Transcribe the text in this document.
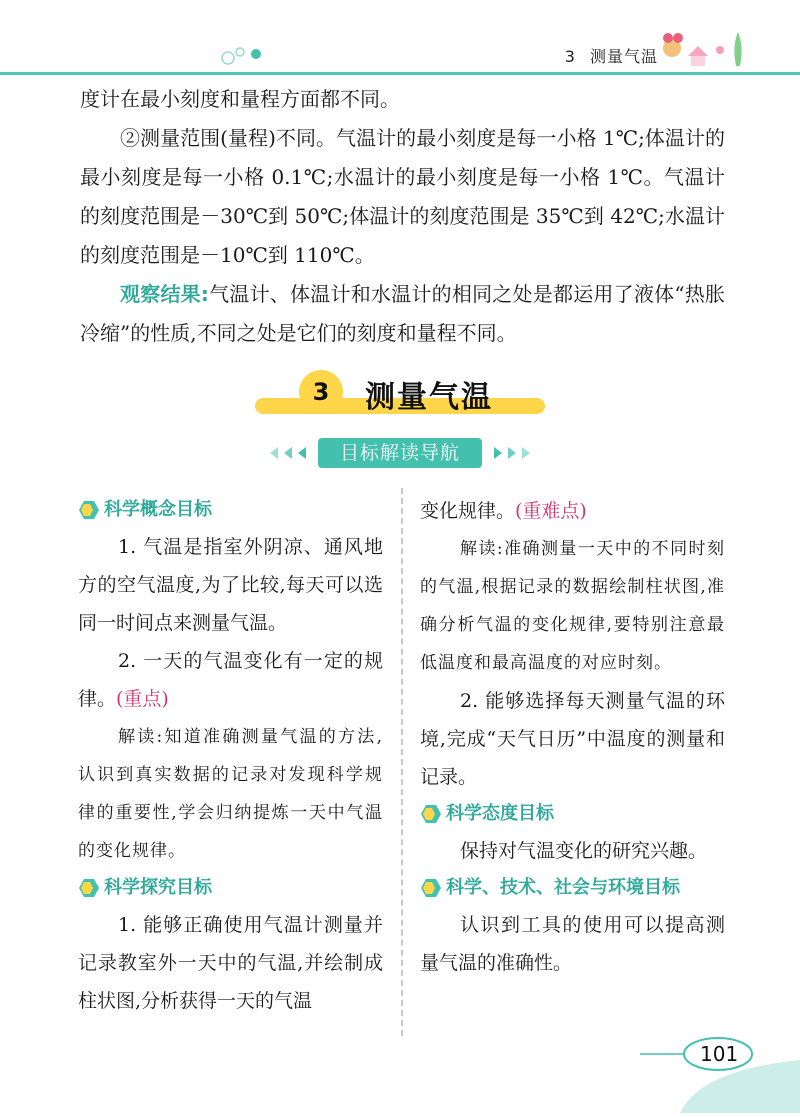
3 测量气温

度计在最小刻度和量程方面都不同。

②测量范围(量程)不同。气温计的最小刻度是每一小格 1℃;体温计的最小刻度是每一小格 0.1℃;水温计的最小刻度是每一小格 1℃。气温计的刻度范围是－30℃到 50℃;体温计的刻度范围是 35℃到 42℃;水温计的刻度范围是－10℃到 110℃。

观察结果:气温计、体温计和水温计的相同之处是都运用了液体“热胀冷缩”的性质,不同之处是它们的刻度和量程不同。

3	测量气温
目标解读导航
科学概念目标

1. 气温是指室外阴凉、通风地方的空气温度,为了比较,每天可以选同一时间点来测量气温。

2. 一天的气温变化有一定的规律。(重点)

解读:知道准确测量气温的方法,认识到真实数据的记录对发现科学规律的重要性,学会归纳提炼一天中气温的变化规律。

科学探究目标

1. 能够正确使用气温计测量并记录教室外一天中的气温,并绘制成柱状图,分析获得一天的气温

变化规律。(重难点)

解读:准确测量一天中的不同时刻的气温,根据记录的数据绘制柱状图,准确分析气温的变化规律,要特别注意最低温度和最高温度的对应时刻。

2. 能够选择每天测量气温的环境,完成“天气日历”中温度的测量和记录。

科学态度目标

保持对气温变化的研究兴趣。

科学、技术、社会与环境目标

认识到工具的使用可以提高测量气温的准确性。

101
